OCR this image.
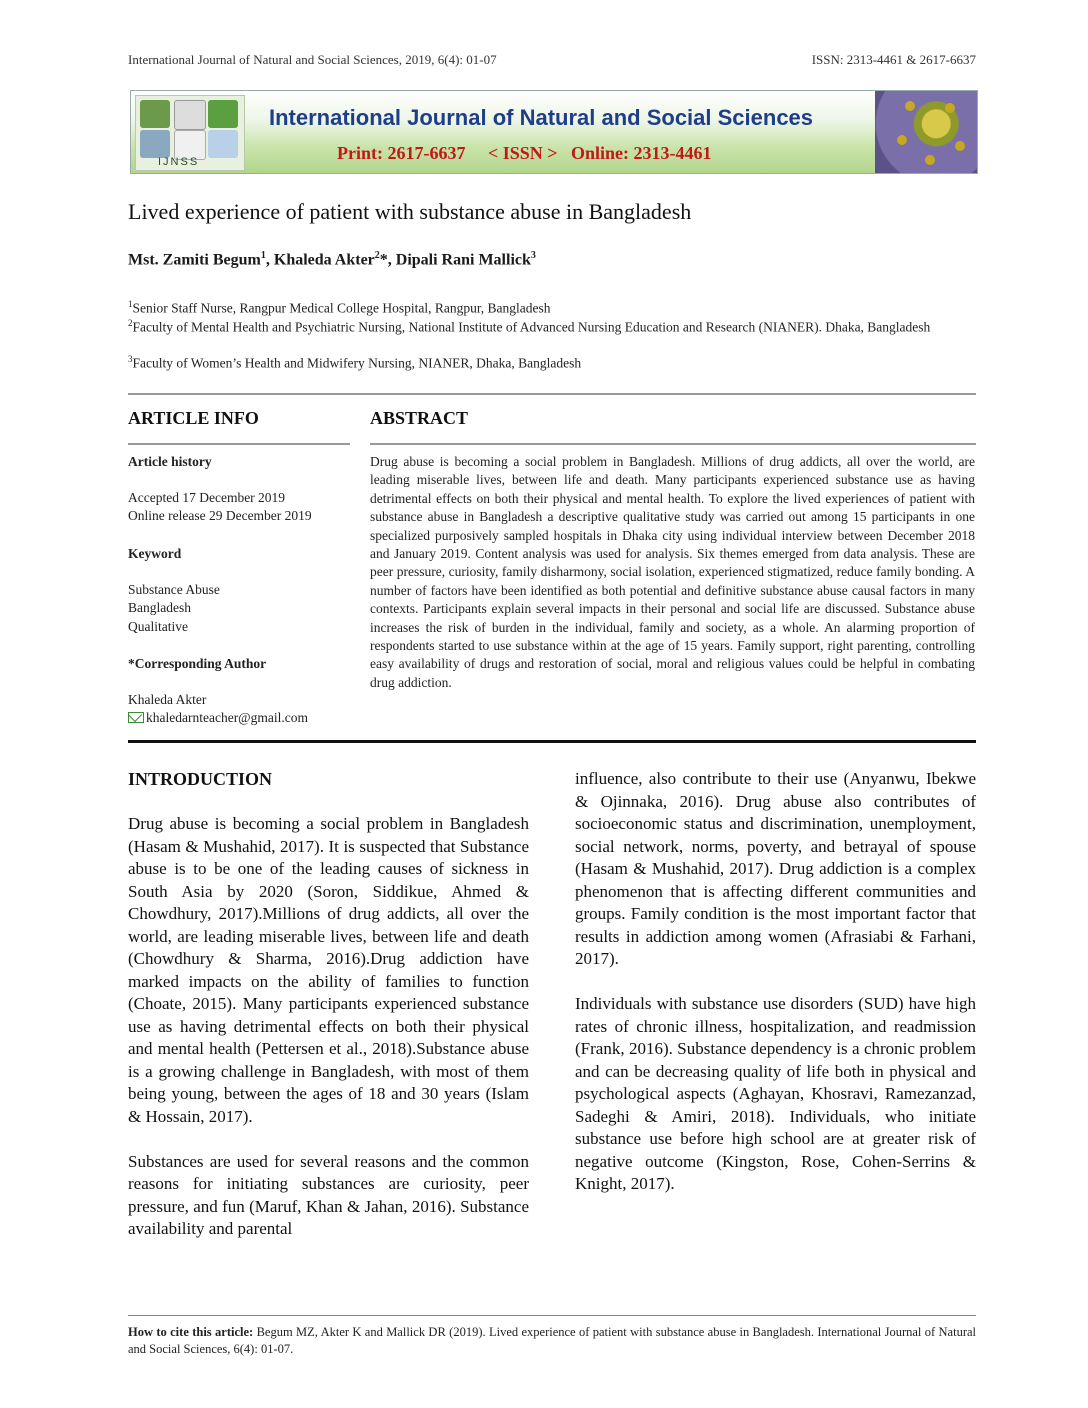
International Journal of Natural and Social Sciences, 2019, 6(4): 01-07	ISSN: 2313-4461 & 2617-6637
IJNSS
International Journal of Natural and Social Sciences
Print: 2617-6637     < ISSN >   Online: 2313-4461
Lived experience of patient with substance abuse in Bangladesh
Mst. Zamiti Begum$^1$, Khaleda Akter$^2$*, Dipali Rani Mallick$^3$
$^1$Senior Staff Nurse, Rangpur Medical College Hospital, Rangpur, Bangladesh
$^2$Faculty of Mental Health and Psychiatric Nursing, National Institute of Advanced Nursing Education and Research (NIANER). Dhaka, Bangladesh
$^3$Faculty of Women’s Health and Midwifery Nursing, NIANER, Dhaka, Bangladesh
ARTICLE INFO	ABSTRACT
Article history
Accepted 17 December 2019
Online release 29 December 2019
Keyword
Substance Abuse
Bangladesh
Qualitative
*Corresponding Author
Khaleda Akter
khaledarnteacher@gmail.com
Drug abuse is becoming a social problem in Bangladesh. Millions of drug addicts, all over the world, are leading miserable lives, between life and death. Many participants experienced substance use as having detrimental effects on both their physical and mental health. To explore the lived experiences of patient with substance abuse in Bangladesh a descriptive qualitative study was carried out among 15 participants in one specialized purposively sampled hospitals in Dhaka city using individual interview between December 2018 and January 2019. Content analysis was used for analysis. Six themes emerged from data analysis. These are peer pressure, curiosity, family disharmony, social isolation, experienced stigmatized, reduce family bonding. A number of factors have been identified as both potential and definitive substance abuse causal factors in many contexts. Participants explain several impacts in their personal and social life are discussed. Substance abuse increases the risk of burden in the individual, family and society, as a whole. An alarming proportion of respondents started to use substance within at the age of 15 years. Family support, right parenting, controlling easy availability of drugs and restoration of social, moral and religious values could be helpful in combating drug addiction.
INTRODUCTION

Drug abuse is becoming a social problem in Bangladesh (Hasam & Mushahid, 2017). It is suspected that Substance abuse is to be one of the leading causes of sickness in South Asia by 2020 (Soron, Siddikue, Ahmed & Chowdhury, 2017).Millions of drug addicts, all over the world, are leading miserable lives, between life and death (Chowdhury & Sharma, 2016).Drug addiction have marked impacts on the ability of families to function (Choate, 2015). Many participants experienced substance use as having detrimental effects on both their physical and mental health (Pettersen et al., 2018).Substance abuse is a growing challenge in Bangladesh, with most of them being young, between the ages of 18 and 30 years (Islam & Hossain, 2017).

Substances are used for several reasons and the common reasons for initiating substances are curiosity, peer pressure, and fun (Maruf, Khan & Jahan, 2016). Substance availability and parental

influence, also contribute to their use (Anyanwu, Ibekwe & Ojinnaka, 2016). Drug abuse also contributes of socioeconomic status and discrimination, unemployment, social network, norms, poverty, and betrayal of spouse (Hasam & Mushahid, 2017). Drug addiction is a complex phenomenon that is affecting different communities and groups. Family condition is the most important factor that results in addiction among women (Afrasiabi & Farhani, 2017).

Individuals with substance use disorders (SUD) have high rates of chronic illness, hospitalization, and readmission (Frank, 2016). Substance dependency is a chronic problem and can be decreasing quality of life both in physical and psychological aspects (Aghayan, Khosravi, Ramezanzad, Sadeghi & Amiri, 2018). Individuals, who initiate substance use before high school are at greater risk of negative outcome (Kingston, Rose, Cohen-Serrins & Knight, 2017).

How to cite this article: Begum MZ, Akter K and Mallick DR (2019). Lived experience of patient with substance abuse in Bangladesh. International Journal of Natural and Social Sciences, 6(4): 01-07.
